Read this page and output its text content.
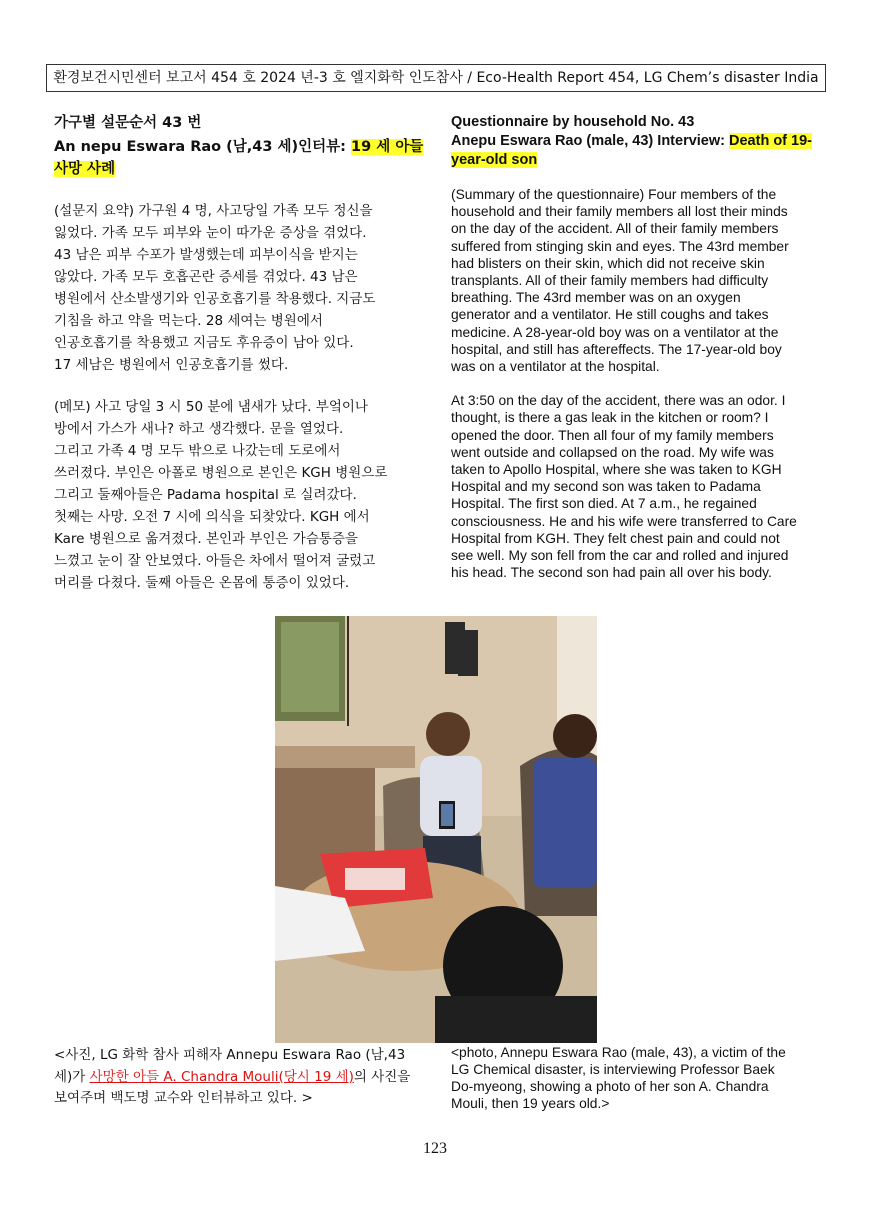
환경보건시민센터 보고서 454 호 2024 년-3 호 엘지화학 인도참사 / Eco-Health Report 454, LG Chem’s disaster India

가구별 설문순서 43 번

An nepu Eswara Rao (남,43 세)인터뷰: 19 세 아들 사망 사례

(설문지 요약) 가구원 4 명, 사고당일 가족 모두 정신을

잃었다. 가족 모두 피부와 눈이 따가운 증상을 겪었다.

43 남은 피부 수포가 발생했는데 피부이식을 받지는

않았다. 가족 모두 호흡곤란 증세를 겪었다. 43 남은

병원에서 산소발생기와 인공호흡기를 착용했다. 지금도

기침을 하고 약을 먹는다. 28 세여는 병원에서

인공호흡기를 착용했고 지금도 후유증이 남아 있다.

17 세남은 병원에서 인공호흡기를 썼다.

(메모) 사고 당일 3 시 50 분에 냄새가 났다. 부엌이나

방에서 가스가 새나? 하고 생각했다. 문을 열었다.

그리고 가족 4 명 모두 밖으로 나갔는데 도로에서

쓰러졌다. 부인은 아폴로 병원으로 본인은 KGH 병원으로

그리고 둘째아들은 Padama hospital 로 실려갔다.

첫째는 사망. 오전 7 시에 의식을 되찾았다. KGH 에서

Kare 병원으로 옮겨졌다. 본인과 부인은 가슴통증을

느꼈고 눈이 잘 안보였다. 아들은 차에서 떨어져 굴렀고

머리를 다쳤다. 둘째 아들은 온몸에 통증이 있었다.

Questionnaire by household No. 43

Anepu Eswara Rao (male, 43) Interview: Death of 19-year-old son

(Summary of the questionnaire) Four members of the

household and their family members all lost their minds

on the day of the accident. All of their family members

suffered from stinging skin and eyes. The 43rd member

had blisters on their skin, which did not receive skin

transplants. All of their family members had difficulty

breathing. The 43rd member was on an oxygen

generator and a ventilator. He still coughs and takes

medicine. A 28-year-old boy was on a ventilator at the

hospital, and still has aftereffects. The 17-year-old boy

was on a ventilator at the hospital.

At 3:50 on the day of the accident, there was an odor. I

thought, is there a gas leak in the kitchen or room? I

opened the door. Then all four of my family members

went outside and collapsed on the road. My wife was

taken to Apollo Hospital, where she was taken to KGH

Hospital and my second son was taken to Padama

Hospital. The first son died. At 7 a.m., he regained

consciousness. He and his wife were transferred to Care

Hospital from KGH. They felt chest pain and could not

see well. My son fell from the car and rolled and injured

his head. The second son had pain all over his body.

<사진, LG 화학 참사 피해자 Annepu Eswara Rao (남,43 세)가 사망한 아들 A. Chandra Mouli(당시 19 세)의 사진을 보여주며 백도명 교수와 인터뷰하고 있다. >
<photo, Annepu Eswara Rao (male, 43), a victim of the
LG Chemical disaster, is interviewing Professor Baek
Do-myeong, showing a photo of her son A. Chandra
Mouli, then 19 years old.>
123
